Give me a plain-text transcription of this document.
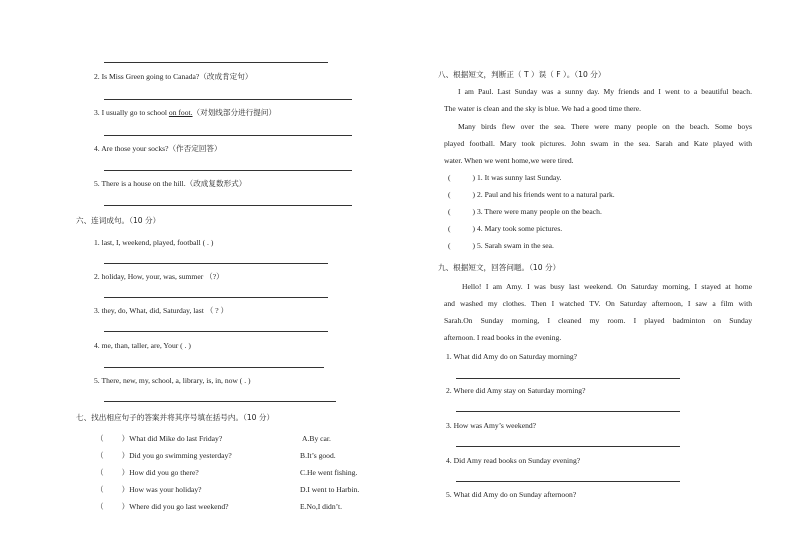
2. Is Miss Green going to Canada?（改成肯定句）
3. I usually go to school on foot.（对划线部分进行提问）
4. Are those your socks?（作否定回答）
5. There is a house on the hill.（改成复数形式）
六、连词成句。（10 分）
1. last, I, weekend, played, football ( . )
2. holiday, How, your, was, summer （?）
3. they, do, What, did, Saturday, last （ ? ）
4. me, than, taller, are, Your ( . )
5. There, new, my, school, a, library, is, in, now ( . )
七、找出相应句子的答案并将其序号填在括号内。（10 分）
（ ）What did Mike do last Friday?	A.By car.
（ ）Did you go swimming yesterday?	B.It’s good.
（ ）How did you go there?	C.He went fishing.
（ ）How was your holiday?	D.I went to Harbin.
（ ）Where did you go last weekend?	E.No,I didn’t.
八、根据短文，判断正（ T ）误（ F ）。（10 分）
I am Paul. Last Sunday was a sunny day. My friends and I went to a beautiful beach.
The water is clean and the sky is blue. We had a good time there.
Many birds flew over the sea. There were many people on the beach. Some boys
played football. Mary took pictures. John swam in the sea. Sarah and Kate played with
water. When we went home,we were tired.
(	) 1. It was sunny last Sunday.
(	) 2. Paul and his friends went to a natural park.
(	) 3. There were many people on the beach.
(	) 4. Mary took some pictures.
(	) 5. Sarah swam in the sea.
九、根据短文，回答问题。（10 分）
Hello! I am Amy. I was busy last weekend. On Saturday morning, I stayed at home
and washed my clothes. Then I watched TV. On Saturday afternoon, I saw a film with
Sarah.On Sunday morning, I cleaned my room. I played badminton on Sunday
afternoon. I read books in the evening.
1. What did Amy do on Saturday morning?
2. Where did Amy stay on Saturday morning?
3. How was Amy’s weekend?
4. Did Amy read books on Sunday evening?
5. What did Amy do on Sunday afternoon?
